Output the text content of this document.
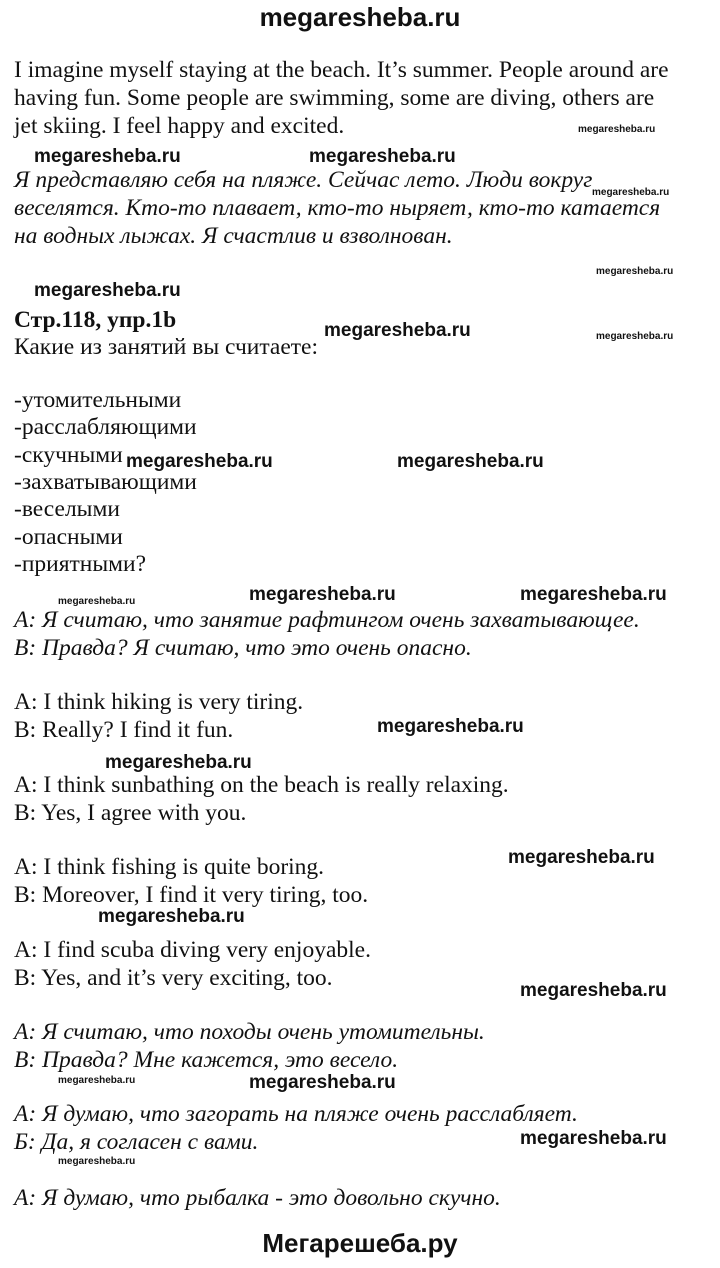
megaresheba.ru
I imagine myself staying at the beach. It’s summer. People around are
having fun. Some people are swimming, some are diving, others are
jet skiing. I feel happy and excited.
Я представляю себя на пляже. Сейчас лето. Люди вокруг
веселятся. Кто-то плавает, кто-то ныряет, кто-то катается
на водных лыжах. Я счастлив и взволнован.
Стр.118, упр.1b
Какие из занятий вы считаете:
-утомительными
-расслабляющими
-скучными
-захватывающими
-веселыми
-опасными
-приятными?
А: Я считаю, что занятие рафтингом очень захватывающее.
В: Правда? Я считаю, что это очень опасно.
A: I think hiking is very tiring.
B: Really? I find it fun.
A: I think sunbathing on the beach is really relaxing.
B: Yes, I agree with you.
A: I think fishing is quite boring.
B: Moreover, I find it very tiring, too.
A: I find scuba diving very enjoyable.
B: Yes, and it’s very exciting, too.
А: Я считаю, что походы очень утомительны.
В: Правда? Мне кажется, это весело.
А: Я думаю, что загорать на пляже очень расслабляет.
Б: Да, я согласен с вами.
А: Я думаю, что рыбалка - это довольно скучно.
megaresheba.ru
megaresheba.ru	megaresheba.ru
megaresheba.ru
megaresheba.ru
megaresheba.ru
megaresheba.ru	megaresheba.ru
megaresheba.ru	megaresheba.ru
megaresheba.ru	megaresheba.ru
megaresheba.ru
megaresheba.ru
megaresheba.ru
megaresheba.ru
megaresheba.ru
megaresheba.ru
megaresheba.ru	megaresheba.ru
megaresheba.ru
megaresheba.ru
Мегарешеба.ру
